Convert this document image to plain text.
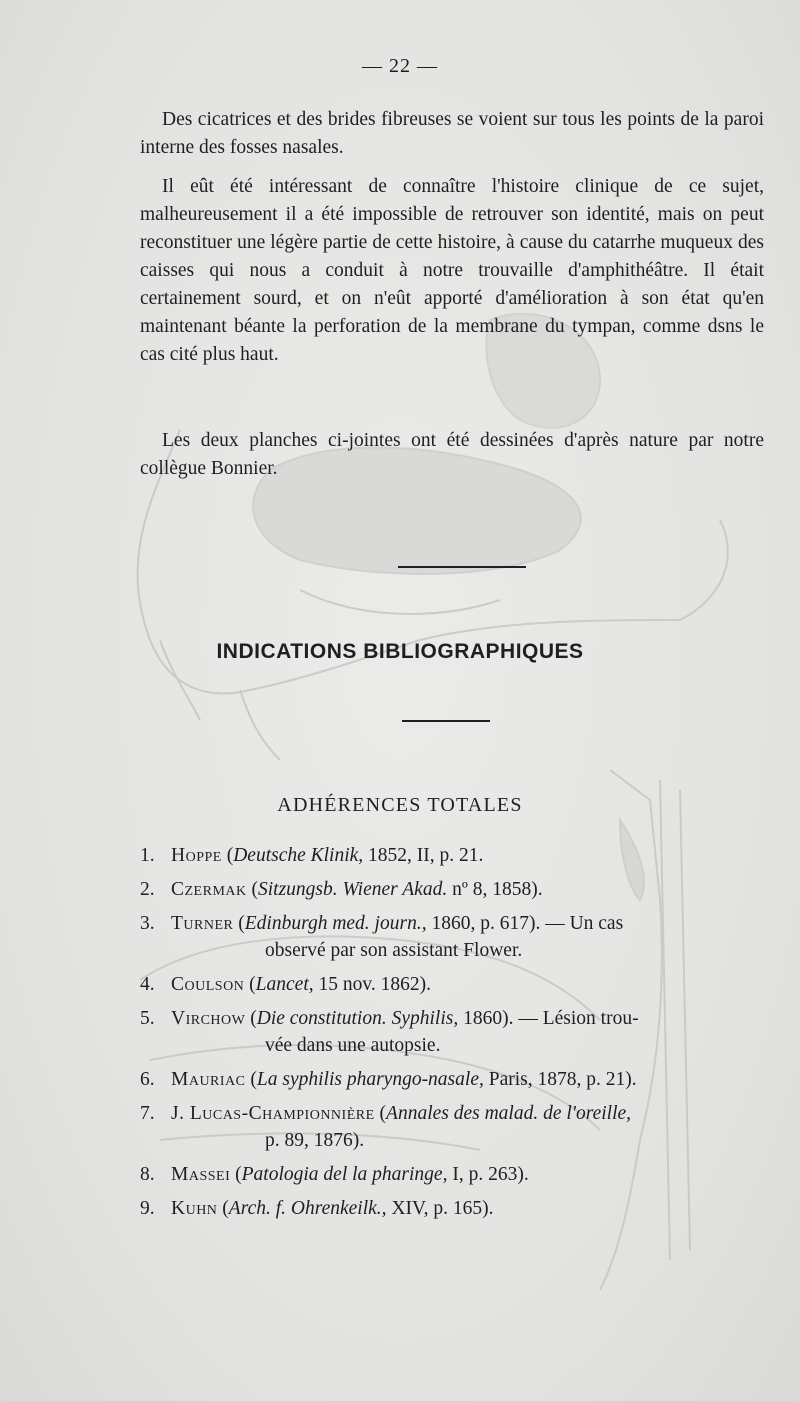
— 22 —

Des cicatrices et des brides fibreuses se voient sur tous les points de la paroi interne des fosses nasales.

Il eût été intéressant de connaître l'histoire clinique de ce sujet, malheureusement il a été impossible de retrouver son identité, mais on peut reconstituer une légère partie de cette histoire, à cause du catarrhe muqueux des caisses qui nous a conduit à notre trouvaille d'amphithéâtre. Il était certainement sourd, et on n'eût apporté d'amélioration à son état qu'en maintenant béante la perforation de la membrane du tympan, comme dsns le cas cité plus haut.

Les deux planches ci-jointes ont été dessinées d'après nature par notre collègue Bonnier.

INDICATIONS BIBLIOGRAPHIQUES
ADHÉRENCES TOTALES
1. Hoppe (Deutsche Klinik, 1852, II, p. 21.
2. Czermak (Sitzungsb. Wiener Akad. nº 8, 1858).
3. Turner (Edinburgh med. journ., 1860, p. 617). — Un cas
observé par son assistant Flower.
4. Coulson (Lancet, 15 nov. 1862).
5. Virchow (Die constitution. Syphilis, 1860). — Lésion trou-
vée dans une autopsie.
6. Mauriac (La syphilis pharyngo-nasale, Paris, 1878, p. 21).
7. J. Lucas-Championnière (Annales des malad. de l'oreille,
p. 89, 1876).
8. Massei (Patologia del la pharinge, I, p. 263).
9. Kuhn (Arch. f. Ohrenkeilk., XIV, p. 165).
